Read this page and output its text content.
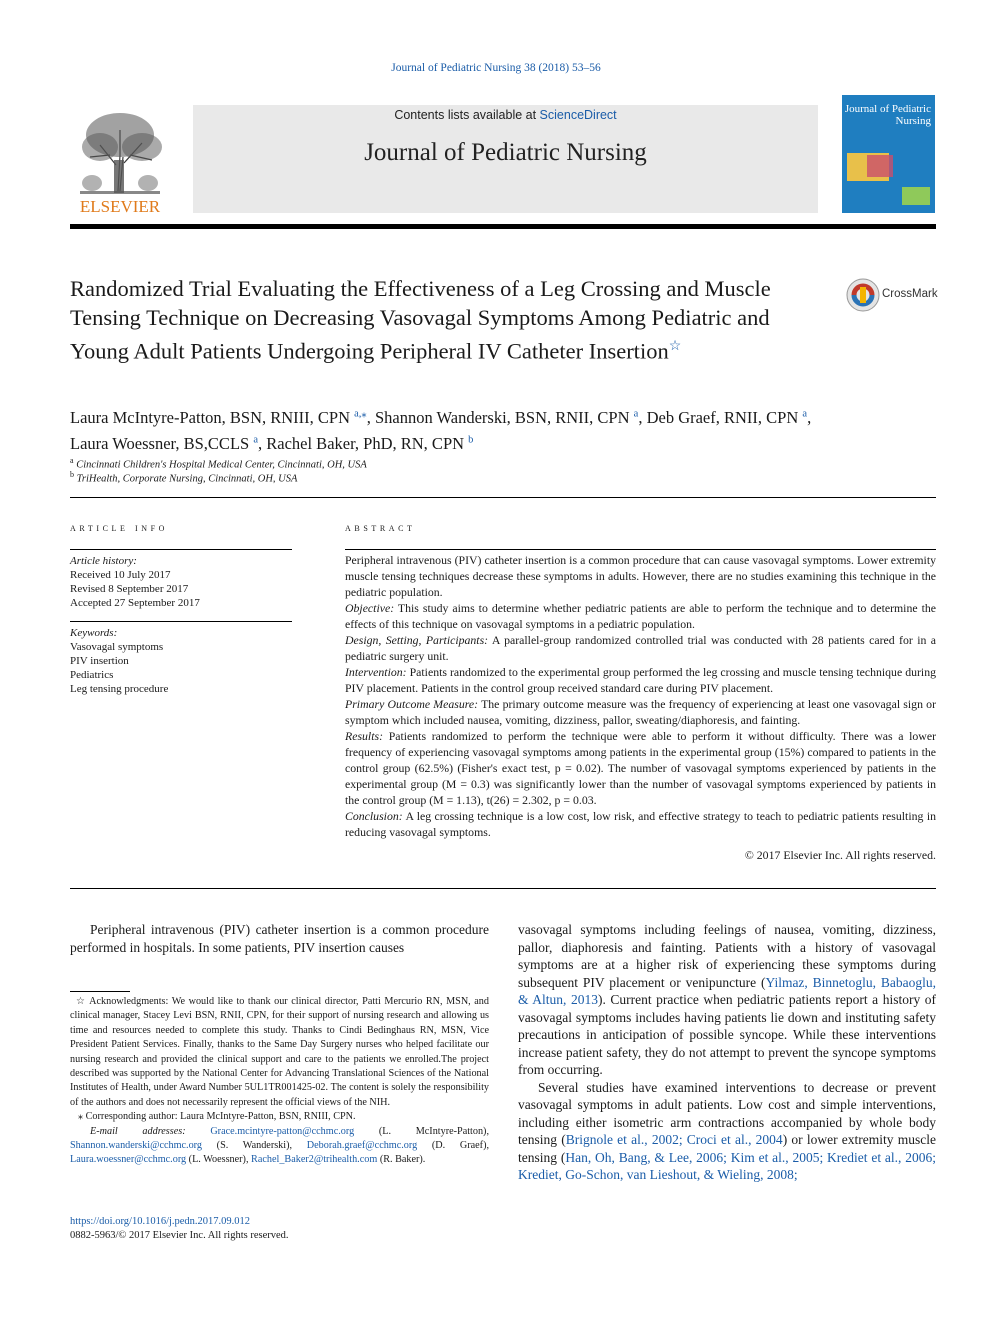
Journal of Pediatric Nursing 38 (2018) 53–56
ELSEVIER
Contents lists available at ScienceDirect
Journal of Pediatric Nursing
Journal of Pediatric Nursing
Randomized Trial Evaluating the Effectiveness of a Leg Crossing and Muscle Tensing Technique on Decreasing Vasovagal Symptoms Among Pediatric and Young Adult Patients Undergoing Peripheral IV Catheter Insertion☆
CrossMark
Laura McIntyre-Patton, BSN, RNIII, CPN $^{a,⁎}$, Shannon Wanderski, BSN, RNII, CPN $^a$, Deb Graef, RNII, CPN $^a$,
Laura Woessner, BS,CCLS $^a$, Rachel Baker, PhD, RN, CPN $^b$
$^a$ Cincinnati Children's Hospital Medical Center, Cincinnati, OH, USA
$^b$ TriHealth, Corporate Nursing, Cincinnati, OH, USA
article info
Article history:
Received 10 July 2017
Revised 8 September 2017
Accepted 27 September 2017
Keywords:
Vasovagal symptoms
PIV insertion
Pediatrics
Leg tensing procedure
abstract

Peripheral intravenous (PIV) catheter insertion is a common procedure that can cause vasovagal symptoms. Lower extremity muscle tensing techniques decrease these symptoms in adults. However, there are no studies examining this technique in the pediatric population.

Objective: This study aims to determine whether pediatric patients are able to perform the technique and to determine the effects of this technique on vasovagal symptoms in a pediatric population.

Design, Setting, Participants: A parallel-group randomized controlled trial was conducted with 28 patients cared for in a pediatric surgery unit.

Intervention: Patients randomized to the experimental group performed the leg crossing and muscle tensing technique during PIV placement. Patients in the control group received standard care during PIV placement.

Primary Outcome Measure: The primary outcome measure was the frequency of experiencing at least one vasovagal sign or symptom which included nausea, vomiting, dizziness, pallor, sweating/diaphoresis, and fainting.

Results: Patients randomized to perform the technique were able to perform it without difficulty. There was a lower frequency of experiencing vasovagal symptoms among patients in the experimental group (15%) compared to patients in the control group (62.5%) (Fisher's exact test, p = 0.02). The number of vasovagal symptoms experienced by patients in the experimental group (M = 0.3) was significantly lower than the number of vasovagal symptoms experienced by patients in the control group (M = 1.13), t(26) = 2.302, p = 0.03.

Conclusion: A leg crossing technique is a low cost, low risk, and effective strategy to teach to pediatric patients resulting in reducing vasovagal symptoms.

© 2017 Elsevier Inc. All rights reserved.

Peripheral intravenous (PIV) catheter insertion is a common procedure performed in hospitals. In some patients, PIV insertion causes

☆ Acknowledgments: We would like to thank our clinical director, Patti Mercurio RN, MSN, and clinical manager, Stacey Levi BSN, RNII, CPN, for their support of nursing research and allowing us time and resources needed to complete this study. Thanks to Cindi Bedinghaus RN, MSN, Vice President Patient Services. Finally, thanks to the Same Day Surgery nurses who helped facilitate our nursing research and provided the clinical support and care to the patients we enrolled.The project described was supported by the National Center for Advancing Translational Sciences of the National Institutes of Health, under Award Number 5UL1TR001425-02. The content is solely the responsibility of the authors and does not necessarily represent the official views of the NIH.

⁎ Corresponding author: Laura McIntyre-Patton, BSN, RNIII, CPN.

E-mail addresses: Grace.mcintyre-patton@cchmc.org (L. McIntyre-Patton), Shannon.wanderski@cchmc.org (S. Wanderski), Deborah.graef@cchmc.org (D. Graef), Laura.woessner@cchmc.org (L. Woessner), Rachel_Baker2@trihealth.com (R. Baker).

vasovagal symptoms including feelings of nausea, vomiting, dizziness, pallor, diaphoresis and fainting. Patients with a history of vasovagal symptoms are at a higher risk of experiencing these symptoms during subsequent PIV placement or venipuncture (Yilmaz, Binnetoglu, Babaoglu, & Altun, 2013). Current practice when pediatric patients report a history of vasovagal symptoms includes having patients lie down and instituting safety precautions in anticipation of possible syncope. While these interventions increase patient safety, they do not attempt to prevent the syncope symptoms from occurring.

Several studies have examined interventions to decrease or prevent vasovagal symptoms in adult patients. Low cost and simple interventions, including either isometric arm contractions accompanied by whole body tensing (Brignole et al., 2002; Croci et al., 2004) or lower extremity muscle tensing (Han, Oh, Bang, & Lee, 2006; Kim et al., 2005; Krediet et al., 2006; Krediet, Go-Schon, van Lieshout, & Wieling, 2008;

https://doi.org/10.1016/j.pedn.2017.09.012
0882-5963/© 2017 Elsevier Inc. All rights reserved.
